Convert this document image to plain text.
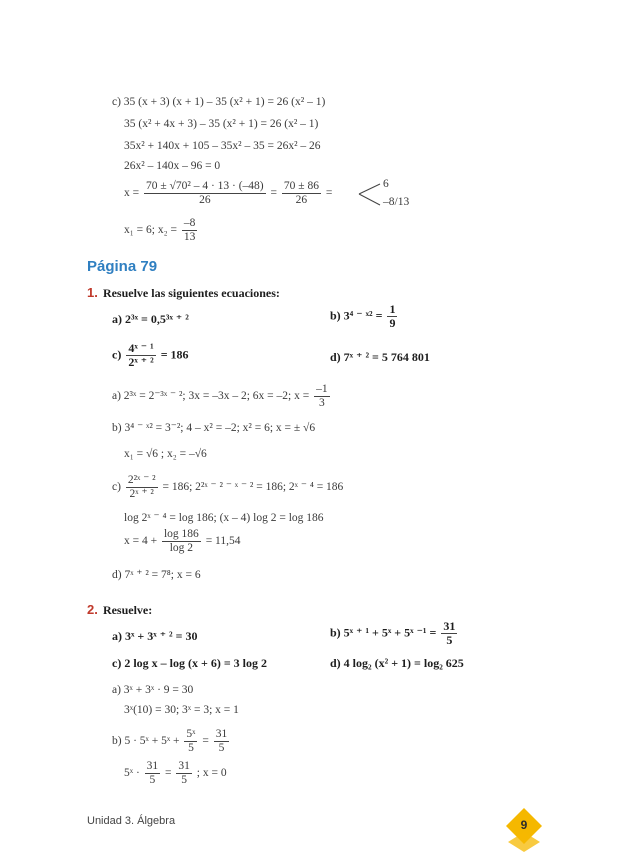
c) 35 (x + 3) (x + 1) – 35 (x² + 1) = 26 (x² – 1)
35 (x² + 4x + 3) – 35 (x² + 1) = 26 (x² – 1)
35x² + 140x + 105 – 35x² – 35 = 26x² – 26
26x² – 140x – 96 = 0
$x = \frac{\text{70 ± √70² – 4 · 13 · (–48)}}{26} = \frac{70 \pm 86}{26}$ =
6
–8/13
x₁ = 6; $x_2 = \frac{-8}{13}$
Página 79
1. Resuelve las siguientes ecuaciones:
a) 2³ˣ = 0,5³ˣ ⁺ ²	b) 3⁴ ⁻ ˣ² = $\frac{1}{9}$
$c) \frac{\text{4ˣ ⁻ ¹}}{\text{2ˣ ⁺ ²}} = 186$	d) 7ˣ ⁺ ² = 5 764 801
a) 2³ˣ = 2⁻³ˣ ⁻ ²; 3x = –3x – 2; 6x = –2; $x = \frac{-1}{3}$
b) 3⁴ ⁻ ˣ² = 3⁻²; 4 – x² = –2; x² = 6; x = ± √6
x₁ = √6 ; x₂ = –√6
$c) \frac{\text{2²ˣ ⁻ ²}}{\text{2ˣ ⁺ ²}} = 186$; 2²ˣ ⁻ ² ⁻ ˣ ⁻ ² = 186; 2ˣ ⁻ ⁴ = 186
log 2ˣ ⁻ ⁴ = log 186; (x – 4) log 2 = log 186
$x = 4 + \frac{\log 186}{\log 2} = 11,54$
d) 7ˣ ⁺ ² = 7⁸; x = 6
2. Resuelve:
a) 3ˣ + 3ˣ ⁺ ² = 30	b) 5ˣ ⁺ ¹ + 5ˣ + 5ˣ $^{-1} = \frac{31}{5}$
c) 2 log x – log (x + 6) = 3 log 2	d) 4 log₂ (x² + 1) = log₂ 625
a) 3ˣ + 3ˣ · 9 = 30
3ˣ(10) = 30; 3ˣ = 3; x = 1
b) 5 · 5ˣ + 5ˣ + $\frac{\text{5ˣ}}{5} = \frac{31}{5}$
5ˣ · $\frac{31}{5} = \frac{31}{5}$ ; x = 0
Unidad 3. Álgebra	9
